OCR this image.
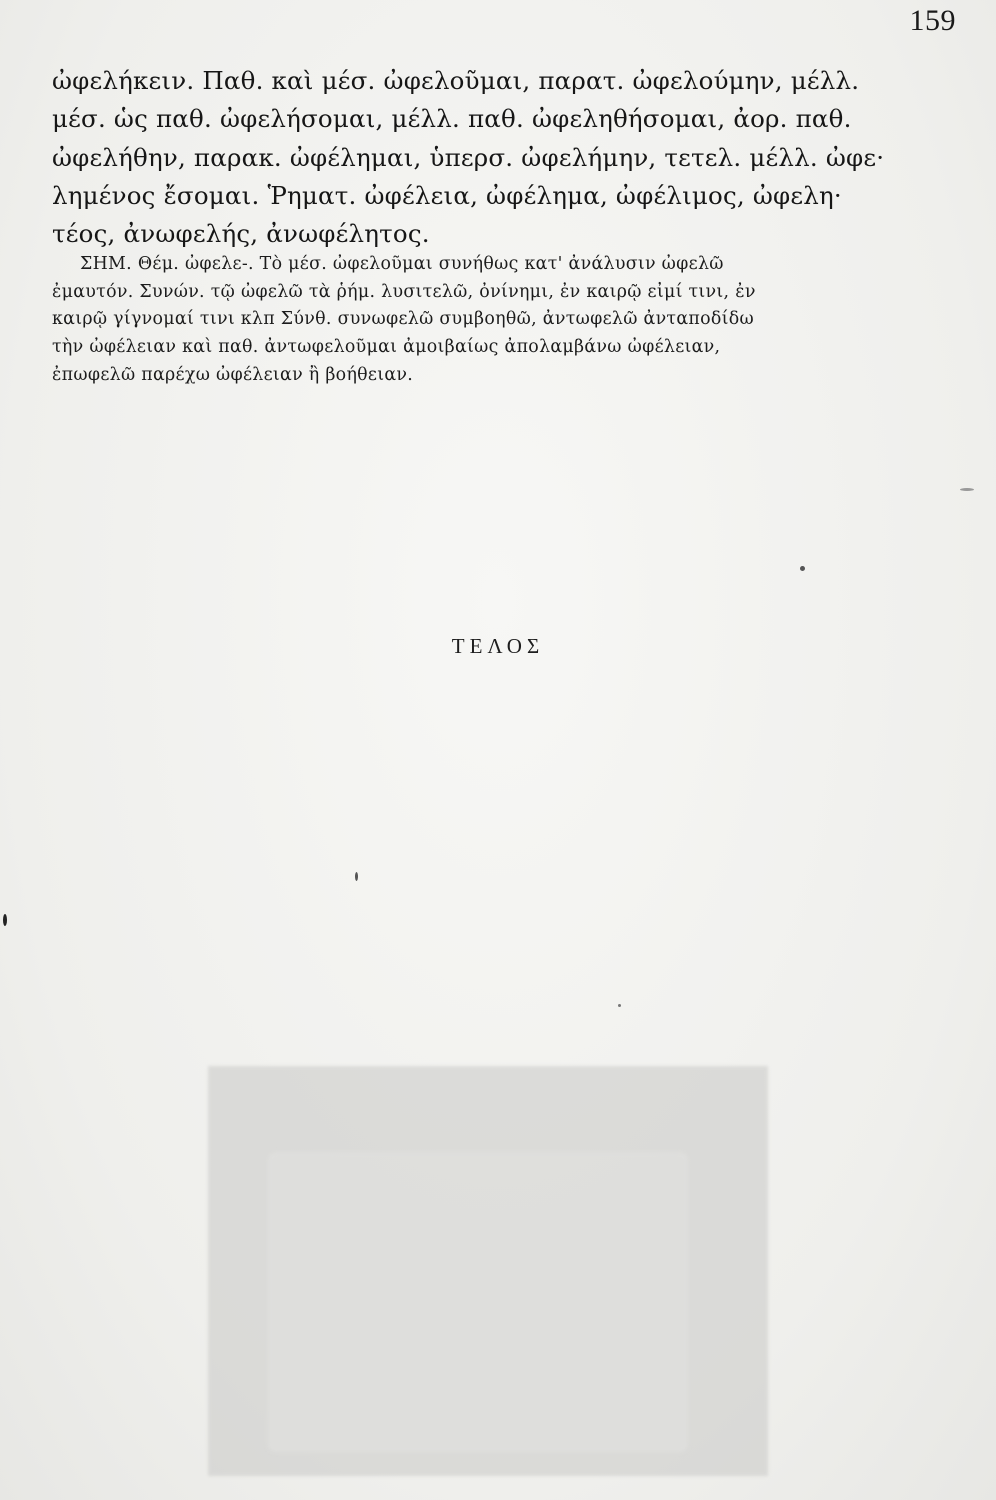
159
ὠφελήκειν. Παθ. καὶ μέσ. ὠφελοῦμαι, παρατ. ὠφελούμην, μέλλ.
μέσ. ὡς παθ. ὠφελήσομαι, μέλλ. παθ. ὠφεληθήσομαι, ἀορ. παθ.
ὠφελήθην, παρακ. ὠφέλημαι, ὑπερσ. ὠφελήμην, τετελ. μέλλ. ὠφε·
λημένος ἔσομαι. Ῥηματ. ὠφέλεια, ὠφέλημα, ὠφέλιμος, ὠφελη·
τέος, ἀνωφελής, ἀνωφέλητος.
ΣΗΜ. Θέμ. ὠφελε-. Τὸ μέσ. ὠφελοῦμαι συνήθως κατ' ἀνάλυσιν ὠφελῶ
ἐμαυτόν. Συνών. τῷ ὠφελῶ τὰ ῥήμ. λυσιτελῶ, ὀνίνημι, ἐν καιρῷ εἰμί τινι, ἐν
καιρῷ γίγνομαί τινι κλπ Σύνθ. συνωφελῶ συμβοηθῶ, ἀντωφελῶ ἀνταποδίδω
τὴν ὠφέλειαν καὶ παθ. ἀντωφελοῦμαι ἀμοιβαίως ἀπολαμβάνω ὠφέλειαν,
ἐπωφελῶ παρέχω ὠφέλειαν ἢ βοήθειαν.
ΤΕΛΟΣ
